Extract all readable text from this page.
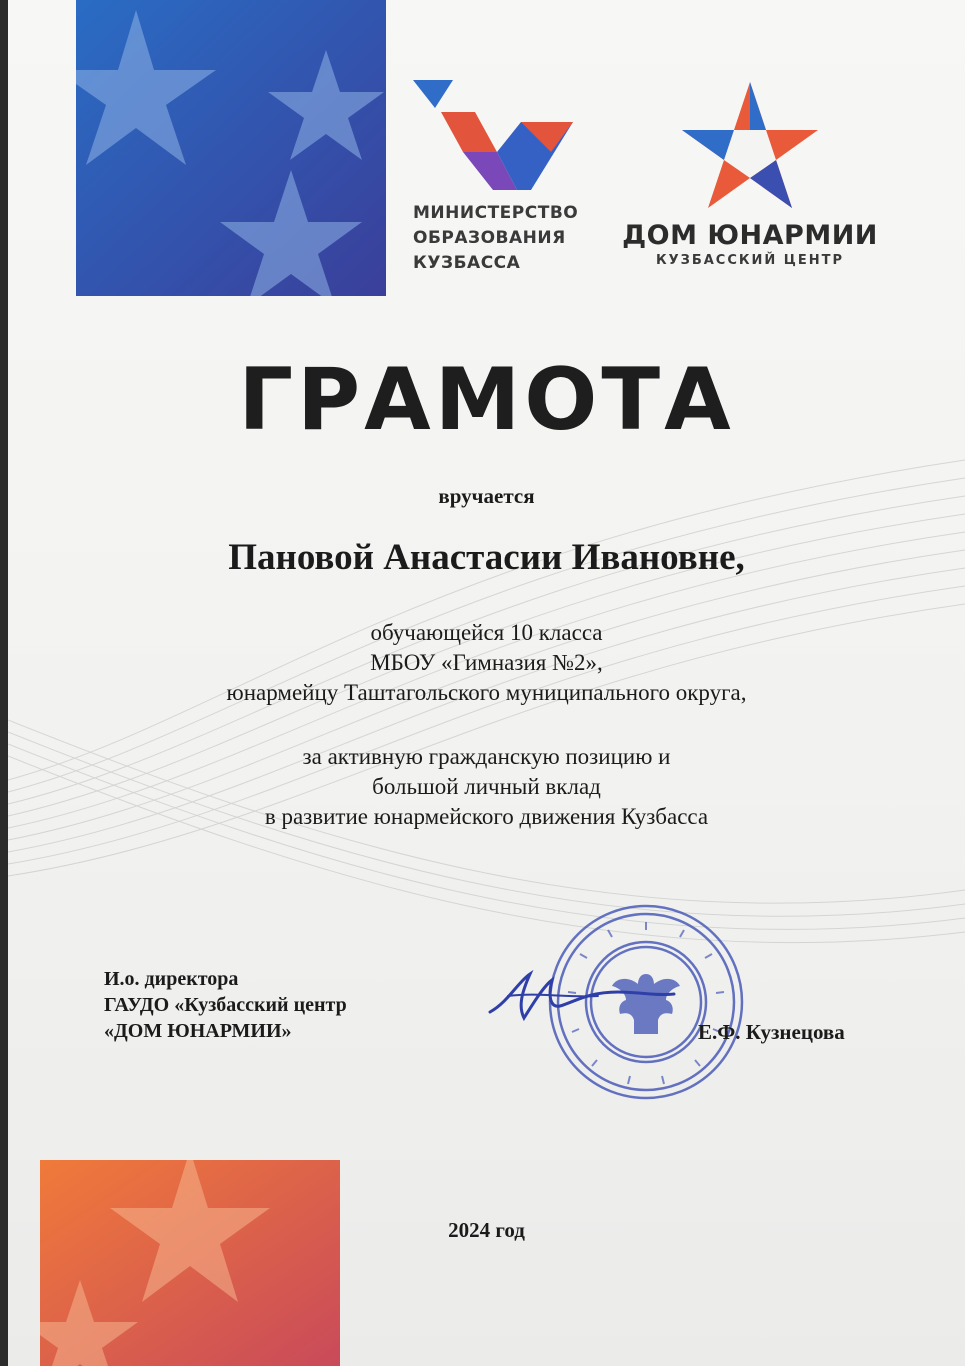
МИНИСТЕРСТВО
ОБРАЗОВАНИЯ
КУЗБАССА
ДОМ ЮНАРМИИ
КУЗБАССКИЙ ЦЕНТР
ГРАМОТА
вручается
Пановой Анастасии Ивановне,
обучающейся 10 класса
МБОУ «Гимназия №2»,
юнармейцу Таштагольского муниципального округа,
за активную гражданскую позицию и
большой личный вклад
в развитие юнармейского движения Кузбасса
И.о. директора
ГАУДО «Кузбасский центр
«ДОМ ЮНАРМИИ»	Е.Ф. Кузнецова
2024 год
